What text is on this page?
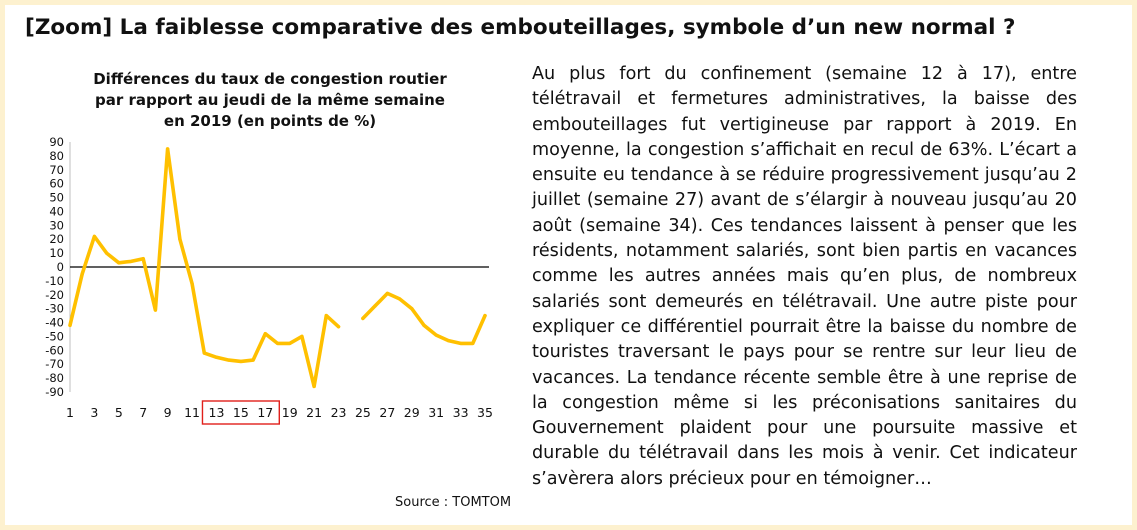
[Zoom] La faiblesse comparative des embouteillages, symbole d’un new normal ?
Différences du taux de congestion routier
par rapport au jeudi de la même semaine
en 2019 (en points de %)
90
80
70
60
50
40
30
20
10
0
-10
-20
-30
-40
-50
-60
-70
-80
-90
1 3 5 7 9 11 13 15 17 19 21 23 25 27 29 31 33 35
Source : TOMTOM
Au plus fort du confinement (semaine 12 à 17), entre télétravail et fermetures administratives, la baisse des embouteillages fut vertigineuse par rapport à 2019. En moyenne, la congestion s’affichait en recul de 63%. L’écart a ensuite eu tendance à se réduire progressivement jusqu’au 2 juillet (semaine 27) avant de s’élargir à nouveau jusqu’au 20 août (semaine 34). Ces tendances laissent à penser que les résidents, notamment salariés, sont bien partis en vacances comme les autres années mais qu’en plus, de nombreux salariés sont demeurés en télétravail. Une autre piste pour expliquer ce différentiel pourrait être la baisse du nombre de touristes traversant le pays pour se rentre sur leur lieu de vacances. La tendance récente semble être à une reprise de la congestion même si les préconisations sanitaires du Gouvernement plaident pour une poursuite massive et durable du télétravail dans les mois à venir. Cet indicateur s’avèrera alors précieux pour en témoigner…
